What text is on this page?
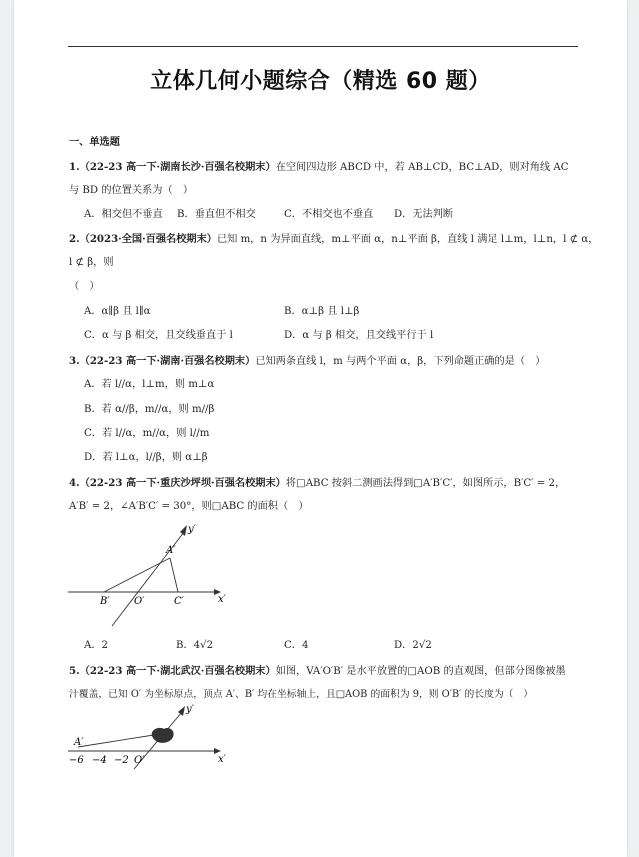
立体几何小题综合（精选 60 题）
一、单选题
1.（22-23 高一下·湖南长沙·百强名校期末）在空间四边形 ABCD 中，若 AB⊥CD，BC⊥AD，则对角线 AC
与 BD 的位置关系为（　）
A．相交但不垂直 B．垂直但不相交	C．不相交也不垂直 D．无法判断
2.（2023·全国·百强名校期末）已知 m，n 为异面直线，m⊥平面 α，n⊥平面 β，直线 l 满足 l⊥m，l⊥n，l ⊄ α，
l ⊄ β，则
（　）
A．α∥β 且 l∥α	B．α⊥β 且 l⊥β
C．α 与 β 相交，且交线垂直于 l	D．α 与 β 相交，且交线平行于 l
3.（22-23 高一下·湖南·百强名校期末）已知两条直线 l，m 与两个平面 α，β，下列命题正确的是（　）
A．若 l//α，l⊥m，则 m⊥α
B．若 α//β，m//α，则 m//β
C．若 l//α，m//α，则 l//m
D．若 l⊥α，l//β，则 α⊥β
4.（22-23 高一下·重庆沙坪坝·百强名校期末）将□ABC 按斜二测画法得到□A′B′C′，如图所示，B′C′ = 2，
A′B′ = 2，∠A′B′C′ = 30°，则□ABC 的面积（　）
y′
x′
A′
B′ O′	C′
A．2	B．4√2	C．4	D．2√2
5.（22-23 高一下·湖北武汉·百强名校期末）如图，VA′O′B′ 是水平放置的□AOB 的直观图，但部分图像被墨
汁覆盖，已知 O′ 为坐标原点，顶点 A′、B′ 均在坐标轴上，且□AOB 的面积为 9，则 O′B′ 的长度为（　）
y′
x′
A′
−6 −4 −2 O′
